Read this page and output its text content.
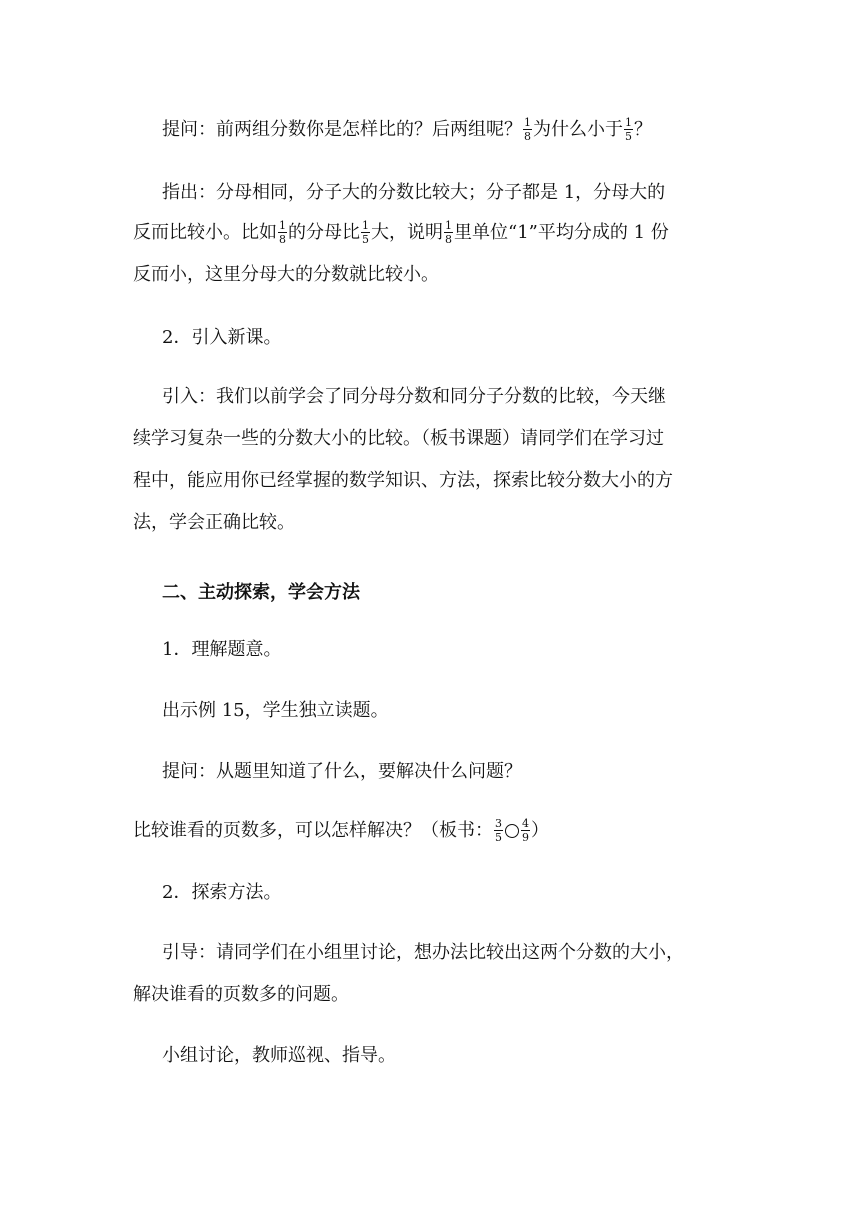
提问：前两组分数你是怎样比的？后两组呢？ $\frac{1}{8}$ 为什么小于 $\frac{1}{5}$ ？
指出：分母相同，分子大的分数比较大；分子都是 1，分母大的
反而比较小。比如 $\frac{1}{8}$ 的分母比 $\frac{1}{5}$ 大，说明 $\frac{1}{8}$ 里单位“1”平均分成的 1 份
反而小，这里分母大的分数就比较小。
2．引入新课。
引入：我们以前学会了同分母分数和同分子分数的比较，今天继
续学习复杂一些的分数大小的比较。（板书课题）请同学们在学习过
程中，能应用你已经掌握的数学知识、方法，探索比较分数大小的方
法，学会正确比较。
二、主动探索，学会方法
1．理解题意。
出示例 15，学生独立读题。
提问：从题里知道了什么，要解决什么问题？
比较谁看的页数多，可以怎样解决？（板书： $\frac{3}{5} \frac{4}{9}$ ）
2．探索方法。
引导：请同学们在小组里讨论，想办法比较出这两个分数的大小，
解决谁看的页数多的问题。
小组讨论，教师巡视、指导。
